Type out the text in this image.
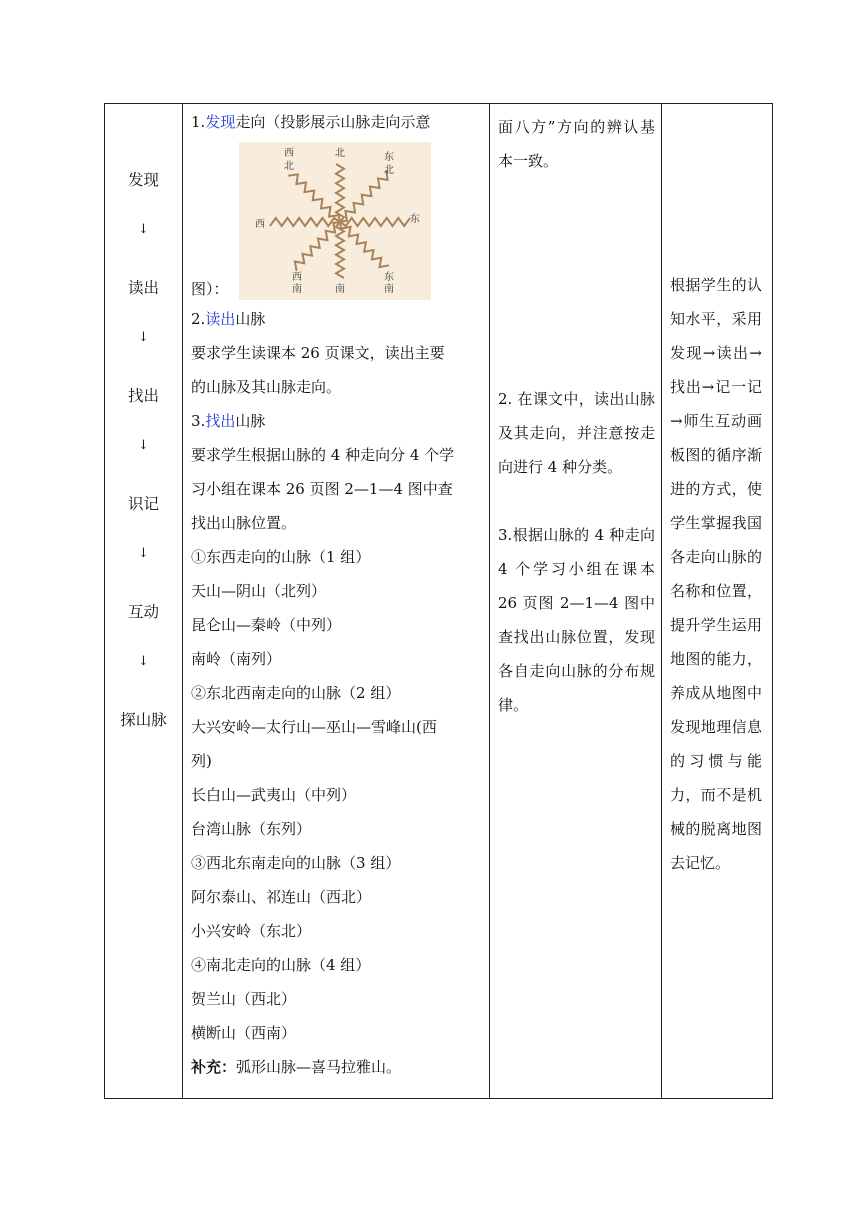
发现
↓
读出
↓
找出
↓
识记
↓
互动
↓
探山脉

1.发现走向（投影展示山脉走向示意
图）：
西
北
北	东
北
西	东
西
南	南
东
南
2.读出山脉
要求学生读课本 26 页课文，读出主要
的山脉及其山脉走向。
3.找出山脉
要求学生根据山脉的 4 种走向分 4 个学
习小组在课本 26 页图 2—1—4 图中查
找出山脉位置。
①东西走向的山脉（1 组）
天山—阴山（北列）
昆仑山—秦岭（中列）
南岭（南列）
②东北西南走向的山脉（2 组）
大兴安岭—太行山—巫山—雪峰山(西
列)
长白山—武夷山（中列）
台湾山脉（东列）
③西北东南走向的山脉（3 组）
阿尔泰山、祁连山（西北）
小兴安岭（东北）
④南北走向的山脉（4 组）
贺兰山（西北）
横断山（西南）
补充：弧形山脉—喜马拉雅山。

面八方”方向的辨认基本一致。

2. 在课文中，读出山脉及其走向，并注意按走向进行 4 种分类。

3.根据山脉的 4 种走向 4 个学习小组在课本 26 页图 2—1—4 图中查找出山脉位置，发现各自走向山脉的分布规律。

根据学生的认知水平，采用发现→读出→找出→记一记→师生互动画板图的循序渐进的方式，使学生掌握我国各走向山脉的名称和位置，提升学生运用地图的能力，养成从地图中发现地理信息的习惯与能力，而不是机械的脱离地图去记忆。
